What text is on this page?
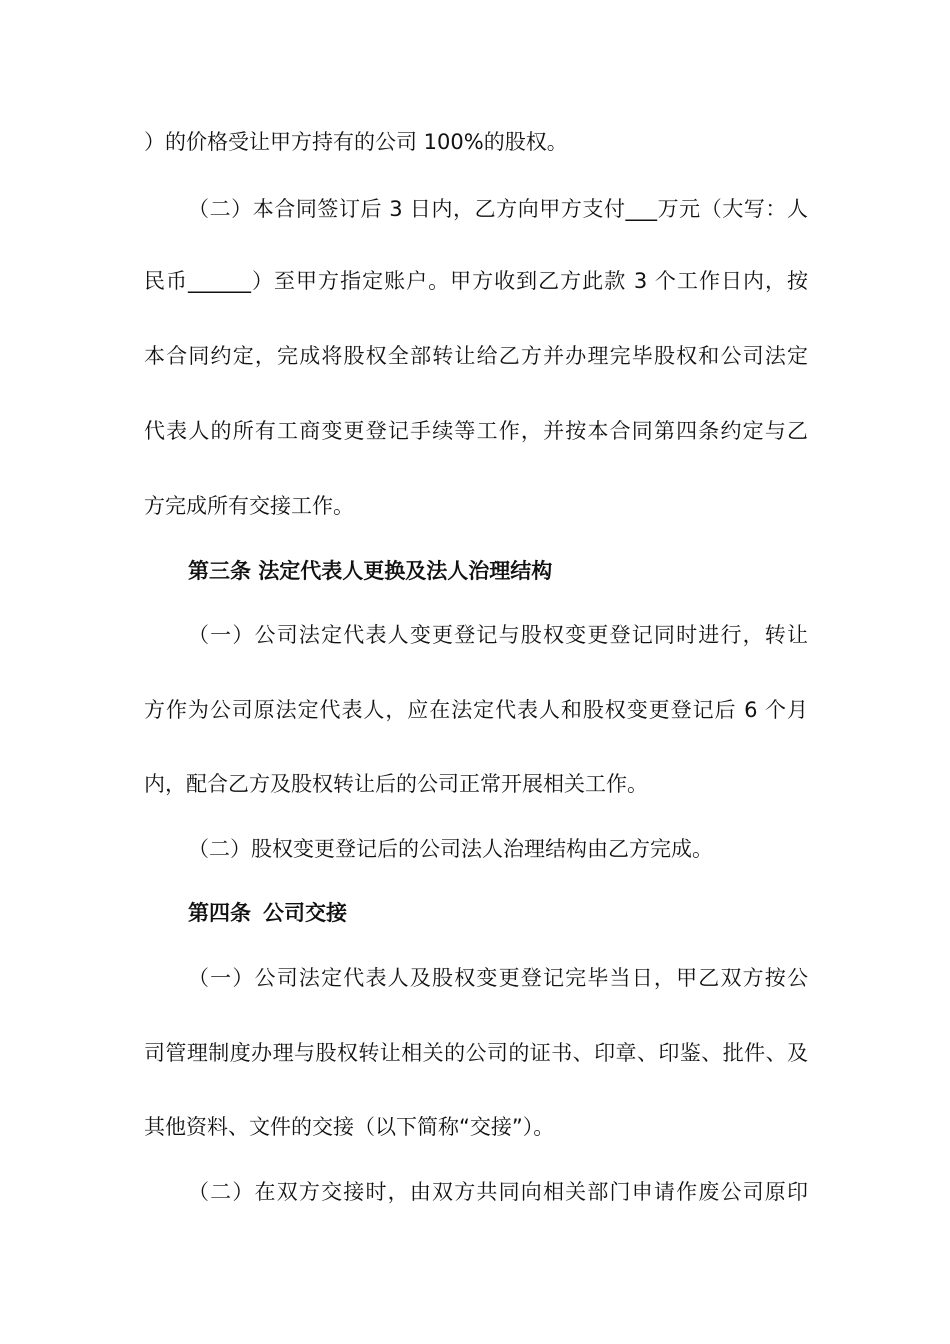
）的价格受让甲方持有的公司 100%的股权。
（二）本合同签订后 3 日内，乙方向甲方支付___万元（大写：人
民币______）至甲方指定账户。甲方收到乙方此款 3 个工作日内，按
本合同约定，完成将股权全部转让给乙方并办理完毕股权和公司法定
代表人的所有工商变更登记手续等工作，并按本合同第四条约定与乙
方完成所有交接工作。
第三条 法定代表人更换及法人治理结构
（一）公司法定代表人变更登记与股权变更登记同时进行，转让
方作为公司原法定代表人，应在法定代表人和股权变更登记后 6 个月
内，配合乙方及股权转让后的公司正常开展相关工作。
（二）股权变更登记后的公司法人治理结构由乙方完成。
第四条 公司交接
（一）公司法定代表人及股权变更登记完毕当日，甲乙双方按公
司管理制度办理与股权转让相关的公司的证书、印章、印鉴、批件、及
其他资料、文件的交接（以下简称“交接”）。
（二）在双方交接时，由双方共同向相关部门申请作废公司原印
